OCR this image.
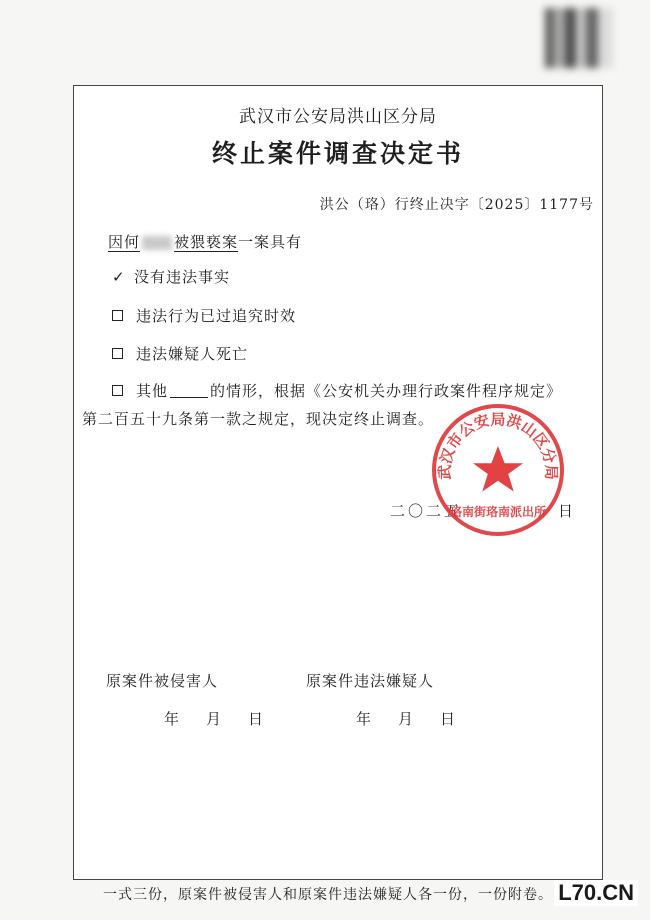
武汉市公安局洪山区分局
终止案件调查决定书
洪公（珞）行终止决字〔2025〕1177号
因何 被猥亵案一案具有
✓ 没有违法事实
违法行为已过追究时效
违法嫌疑人死亡
其他	的情形，根据《公安机关办理行政案件程序规定》
第二百五十九条第一款之规定，现决定终止调查。
二〇二五	日
武汉市公安局洪山区分局
珞南街珞南派出所
原案件被侵害人	原案件违法嫌疑人
年 月 日	年 月 日
一式三份，原案件被侵害人和原案件违法嫌疑人各一份，一份附卷。 L70.CN
